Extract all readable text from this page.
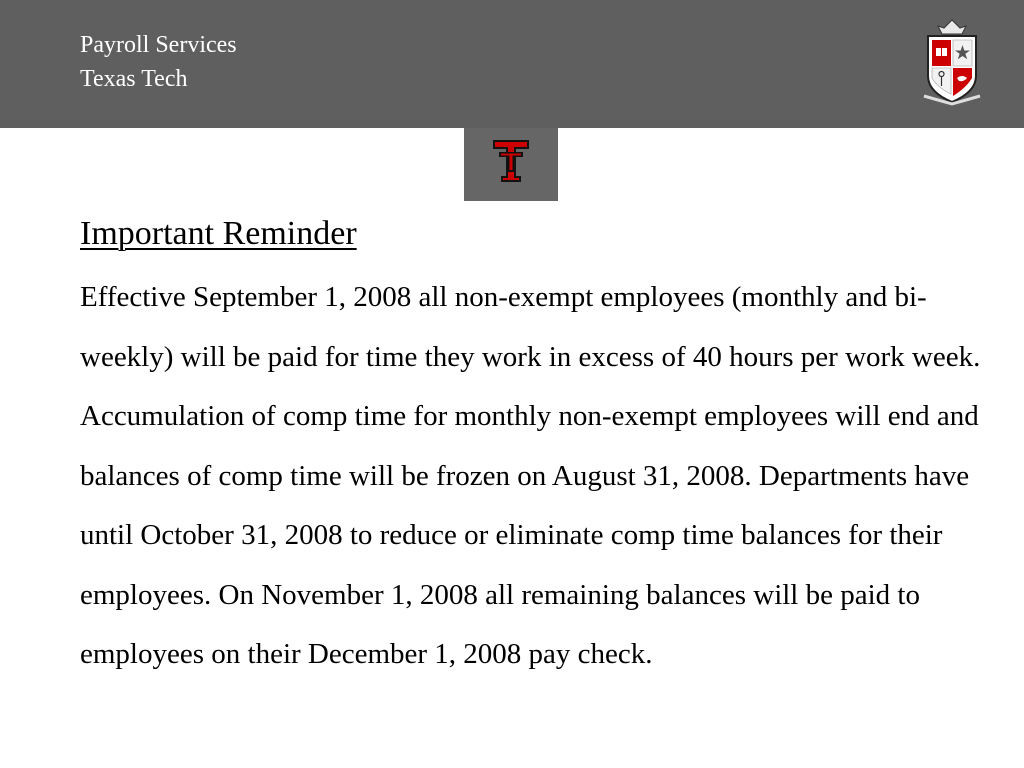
Payroll Services
Texas Tech
Important Reminder

Effective September 1, 2008 all non-exempt employees (monthly and bi-weekly) will be paid for time they work in excess of 40 hours per work week. Accumulation of comp time for monthly non-exempt employees will end and balances of comp time will be frozen on August 31, 2008. Departments have until October 31, 2008 to reduce or eliminate comp time balances for their employees. On November 1, 2008 all remaining balances will be paid to employees on their December 1, 2008 pay check.
